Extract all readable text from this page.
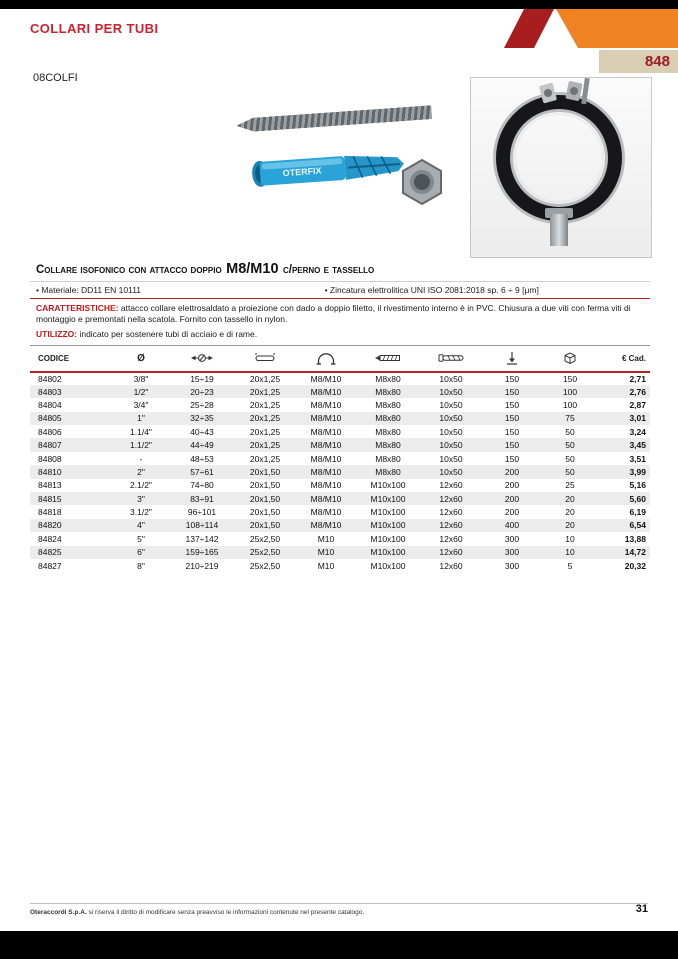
COLLARI PER TUBI
848
08COLFI
OTERFIX
Collare isofonico con attacco doppio M8/M10 c/perno e tassello
• Materiale: DD11 EN 10111	• Zincatura elettrolitica UNI ISO 2081:2018 sp. 6 ÷ 9 [μm]
CARATTERISTICHE: attacco collare elettrosaldato a proiezione con dado a doppio filetto, il rivestimento interno è in PVC. Chiusura a due viti con ferma viti di montaggio e premontati nella scatola. Fornito con tassello in nylon.
UTILIZZO: indicato per sostenere tubi di acciaio e di rame.
CODICE	Ø								€ Cad.
84802	3/8"	15÷19	20x1,25	M8/M10	M8x80	10x50	150	150	2,71
84803	1/2"	20÷23	20x1,25	M8/M10	M8x80	10x50	150	100	2,76
84804	3/4"	25÷28	20x1,25	M8/M10	M8x80	10x50	150	100	2,87
84805	1"	32÷35	20x1,25	M8/M10	M8x80	10x50	150	75	3,01
84806	1.1/4"	40÷43	20x1,25	M8/M10	M8x80	10x50	150	50	3,24
84807	1.1/2"	44÷49	20x1,25	M8/M10	M8x80	10x50	150	50	3,45
84808	-	48÷53	20x1,25	M8/M10	M8x80	10x50	150	50	3,51
84810	2"	57÷61	20x1,50	M8/M10	M8x80	10x50	200	50	3,99
84813	2.1/2"	74÷80	20x1,50	M8/M10	M10x100	12x60	200	25	5,16
84815	3"	83÷91	20x1,50	M8/M10	M10x100	12x60	200	20	5,60
84818	3.1/2"	96÷101	20x1,50	M8/M10	M10x100	12x60	200	20	6,19
84820	4"	108÷114	20x1,50	M8/M10	M10x100	12x60	400	20	6,54
84824	5"	137÷142	25x2,50	M10	M10x100	12x60	300	10	13,88
84825	6"	159÷165	25x2,50	M10	M10x100	12x60	300	10	14,72
84827	8"	210÷219	25x2,50	M10	M10x100	12x60	300	5	20,32
Oteraccordi S.p.A. si riserva il diritto di modificare senza preavviso le informazioni contenute nel presente catalogo.	31
